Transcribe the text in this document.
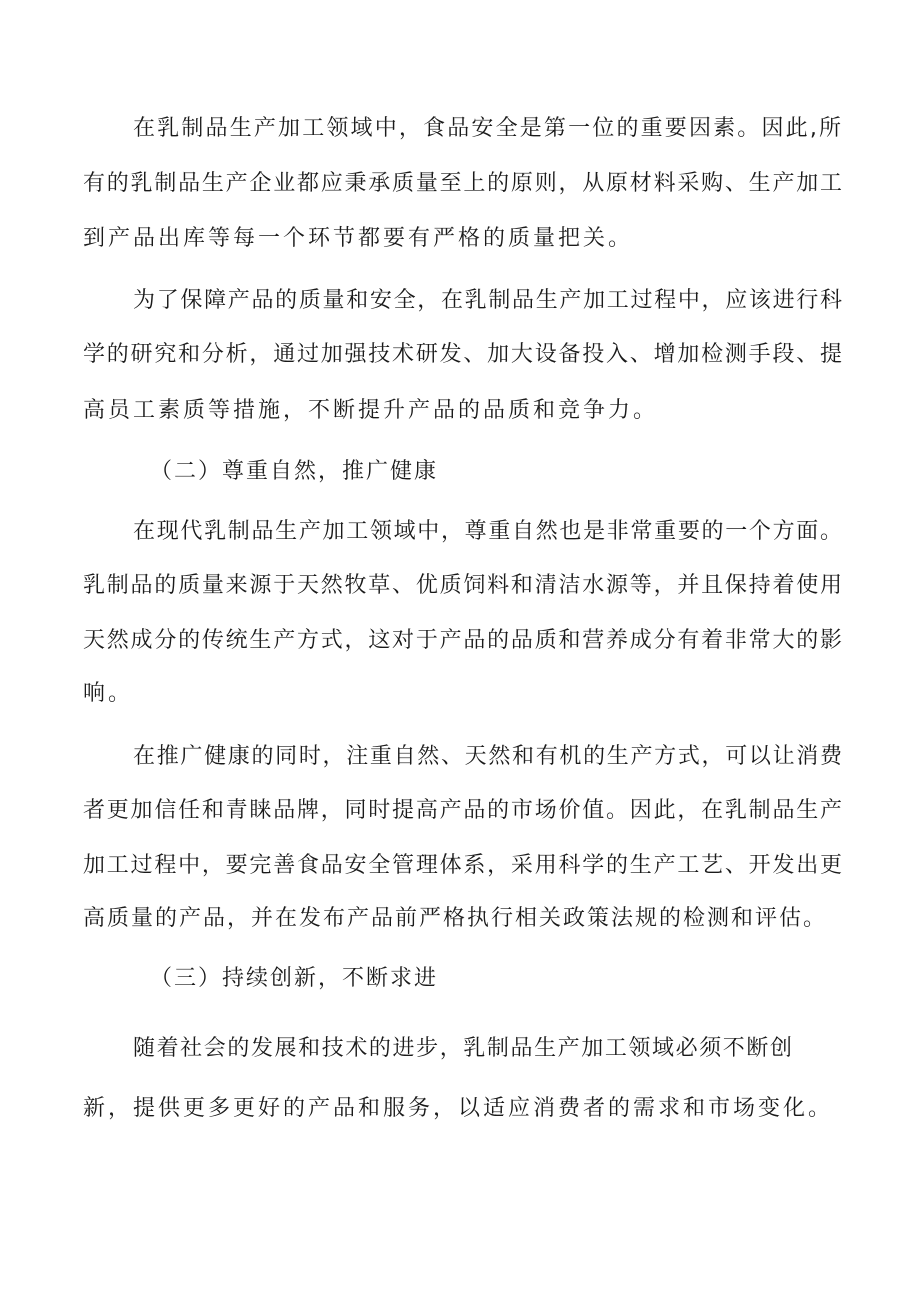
在乳制品生产加工领域中，食品安全是第一位的重要因素。因此,所
有的乳制品生产企业都应秉承质量至上的原则，从原材料采购、生产加工
到产品出库等每一个环节都要有严格的质量把关。
为了保障产品的质量和安全，在乳制品生产加工过程中，应该进行科
学的研究和分析，通过加强技术研发、加大设备投入、增加检测手段、提
高员工素质等措施，不断提升产品的品质和竞争力。
（二）尊重自然，推广健康
在现代乳制品生产加工领域中，尊重自然也是非常重要的一个方面。
乳制品的质量来源于天然牧草、优质饲料和清洁水源等，并且保持着使用
天然成分的传统生产方式，这对于产品的品质和营养成分有着非常大的影
响。
在推广健康的同时，注重自然、天然和有机的生产方式，可以让消费
者更加信任和青睐品牌，同时提高产品的市场价值。因此，在乳制品生产
加工过程中，要完善食品安全管理体系，采用科学的生产工艺、开发出更
高质量的产品，并在发布产品前严格执行相关政策法规的检测和评估。
（三）持续创新，不断求进
随着社会的发展和技术的进步，乳制品生产加工领域必须不断创
新，提供更多更好的产品和服务，以适应消费者的需求和市场变化。
